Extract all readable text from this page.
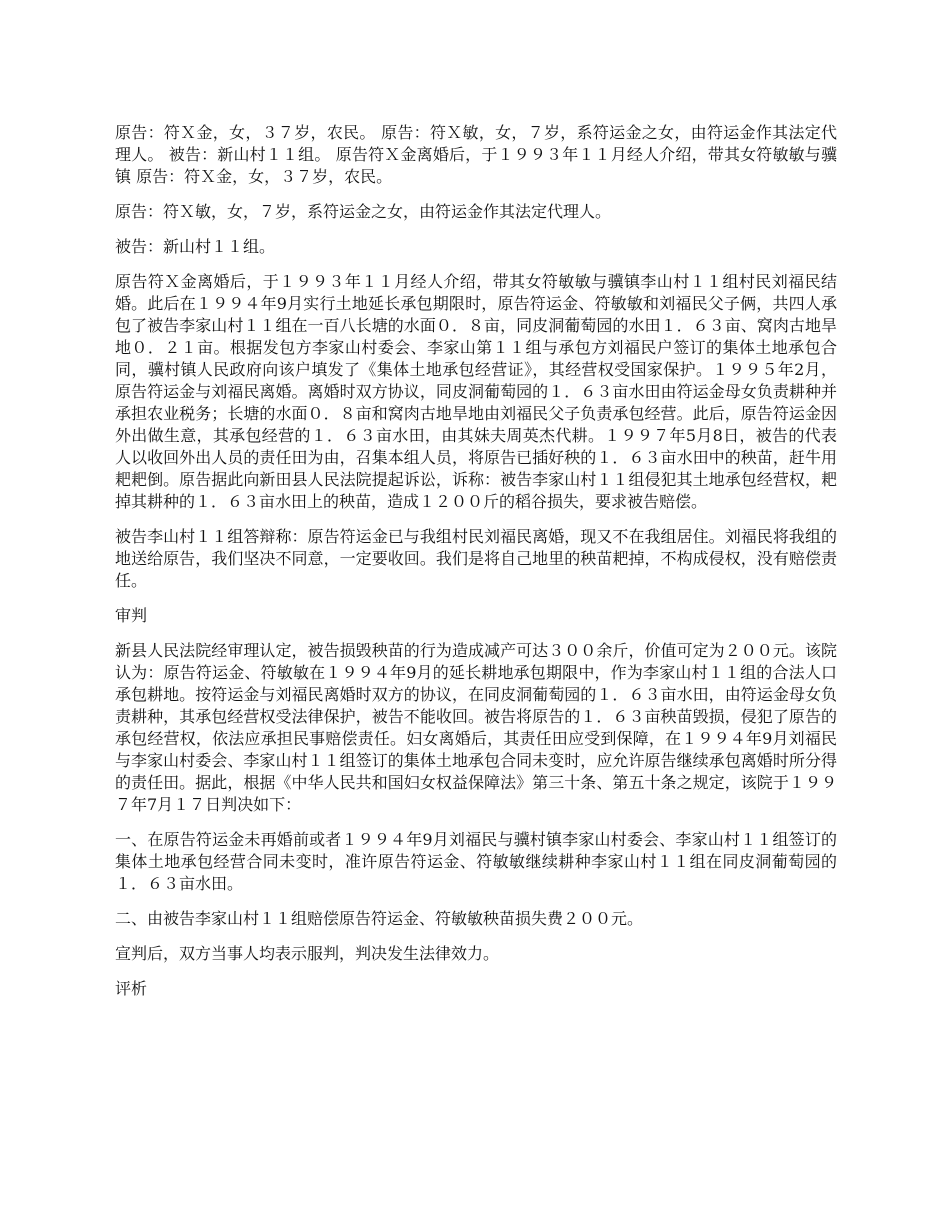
原告：符Ｘ金，女，３７岁，农民。 原告：符Ｘ敏，女，７岁，系符运金之女，由符运金作其法定代理人。 被告：新山村１１组。 原告符Ｘ金离婚后，于１９９３年１１月经人介绍，带其女符敏敏与骥镇 原告：符Ｘ金，女，３７岁，农民。

原告：符Ｘ敏，女，７岁，系符运金之女，由符运金作其法定代理人。

被告：新山村１１组。

原告符Ｘ金离婚后，于１９９３年１１月经人介绍，带其女符敏敏与骥镇李山村１１组村民刘福民结婚。此后在１９９４年9月实行土地延长承包期限时，原告符运金、符敏敏和刘福民父子俩，共四人承包了被告李家山村１１组在一百八长塘的水面０．８亩，同皮洞葡萄园的水田１．６３亩、窝肉古地旱地０．２１亩。根据发包方李家山村委会、李家山第１１组与承包方刘福民户签订的集体土地承包合同，骥村镇人民政府向该户填发了《集体土地承包经营证》，其经营权受国家保护。１９９５年2月，原告符运金与刘福民离婚。离婚时双方协议，同皮洞葡萄园的１．６３亩水田由符运金母女负责耕种并承担农业税务；长塘的水面０．８亩和窝肉古地旱地由刘福民父子负责承包经营。此后，原告符运金因外出做生意，其承包经营的１．６３亩水田，由其妹夫周英杰代耕。１９９７年5月8日，被告的代表人以收回外出人员的责任田为由，召集本组人员，将原告已插好秧的１．６３亩水田中的秧苗，赶牛用耙耙倒。原告据此向新田县人民法院提起诉讼，诉称：被告李家山村１１组侵犯其土地承包经营权，耙掉其耕种的１．６３亩水田上的秧苗，造成１２００斤的稻谷损失，要求被告赔偿。

被告李山村１１组答辩称：原告符运金已与我组村民刘福民离婚，现又不在我组居住。刘福民将我组的地送给原告，我们坚决不同意，一定要收回。我们是将自己地里的秧苗耙掉，不构成侵权，没有赔偿责任。

审判

新县人民法院经审理认定，被告损毁秧苗的行为造成减产可达３００余斤，价值可定为２００元。该院认为：原告符运金、符敏敏在１９９４年9月的延长耕地承包期限中，作为李家山村１１组的合法人口承包耕地。按符运金与刘福民离婚时双方的协议，在同皮洞葡萄园的１．６３亩水田，由符运金母女负责耕种，其承包经营权受法律保护，被告不能收回。被告将原告的１．６３亩秧苗毁损，侵犯了原告的承包经营权，依法应承担民事赔偿责任。妇女离婚后，其责任田应受到保障，在１９９４年9月刘福民与李家山村委会、李家山村１１组签订的集体土地承包合同未变时，应允许原告继续承包离婚时所分得的责任田。据此，根据《中华人民共和国妇女权益保障法》第三十条、第五十条之规定，该院于１９９７年7月１７日判决如下：

一、在原告符运金未再婚前或者１９９４年9月刘福民与骥村镇李家山村委会、李家山村１１组签订的集体土地承包经营合同未变时，准许原告符运金、符敏敏继续耕种李家山村１１组在同皮洞葡萄园的１．６３亩水田。

二、由被告李家山村１１组赔偿原告符运金、符敏敏秧苗损失费２００元。

宣判后，双方当事人均表示服判，判决发生法律效力。

评析
